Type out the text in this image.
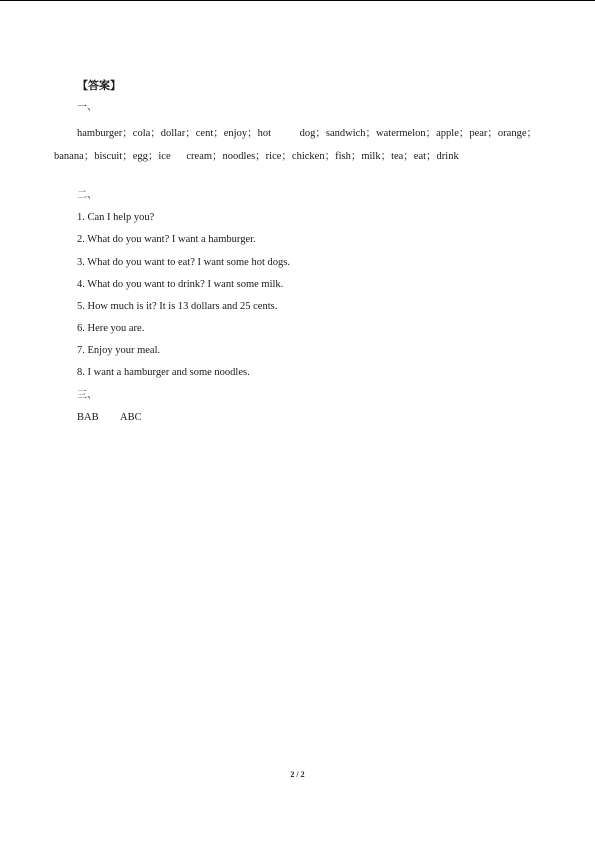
【答案】
一、
hamburger；cola；dollar；cent；enjoy；hot    dog；sandwich；watermelon；apple；pear；orange；banana；biscuit；egg；ice      cream；noodles；rice；chicken；fish；milk；tea；eat；drink
二、
1. Can I help you?
2. What do you want? I want a hamburger.
3. What do you want to eat? I want some hot dogs.
4. What do you want to drink? I want some milk.
5. How much is it? It is 13 dollars and 25 cents.
6. Here you are.
7. Enjoy your meal.
8. I want a hamburger and some noodles.
三、
BAB ABC
2 / 2
